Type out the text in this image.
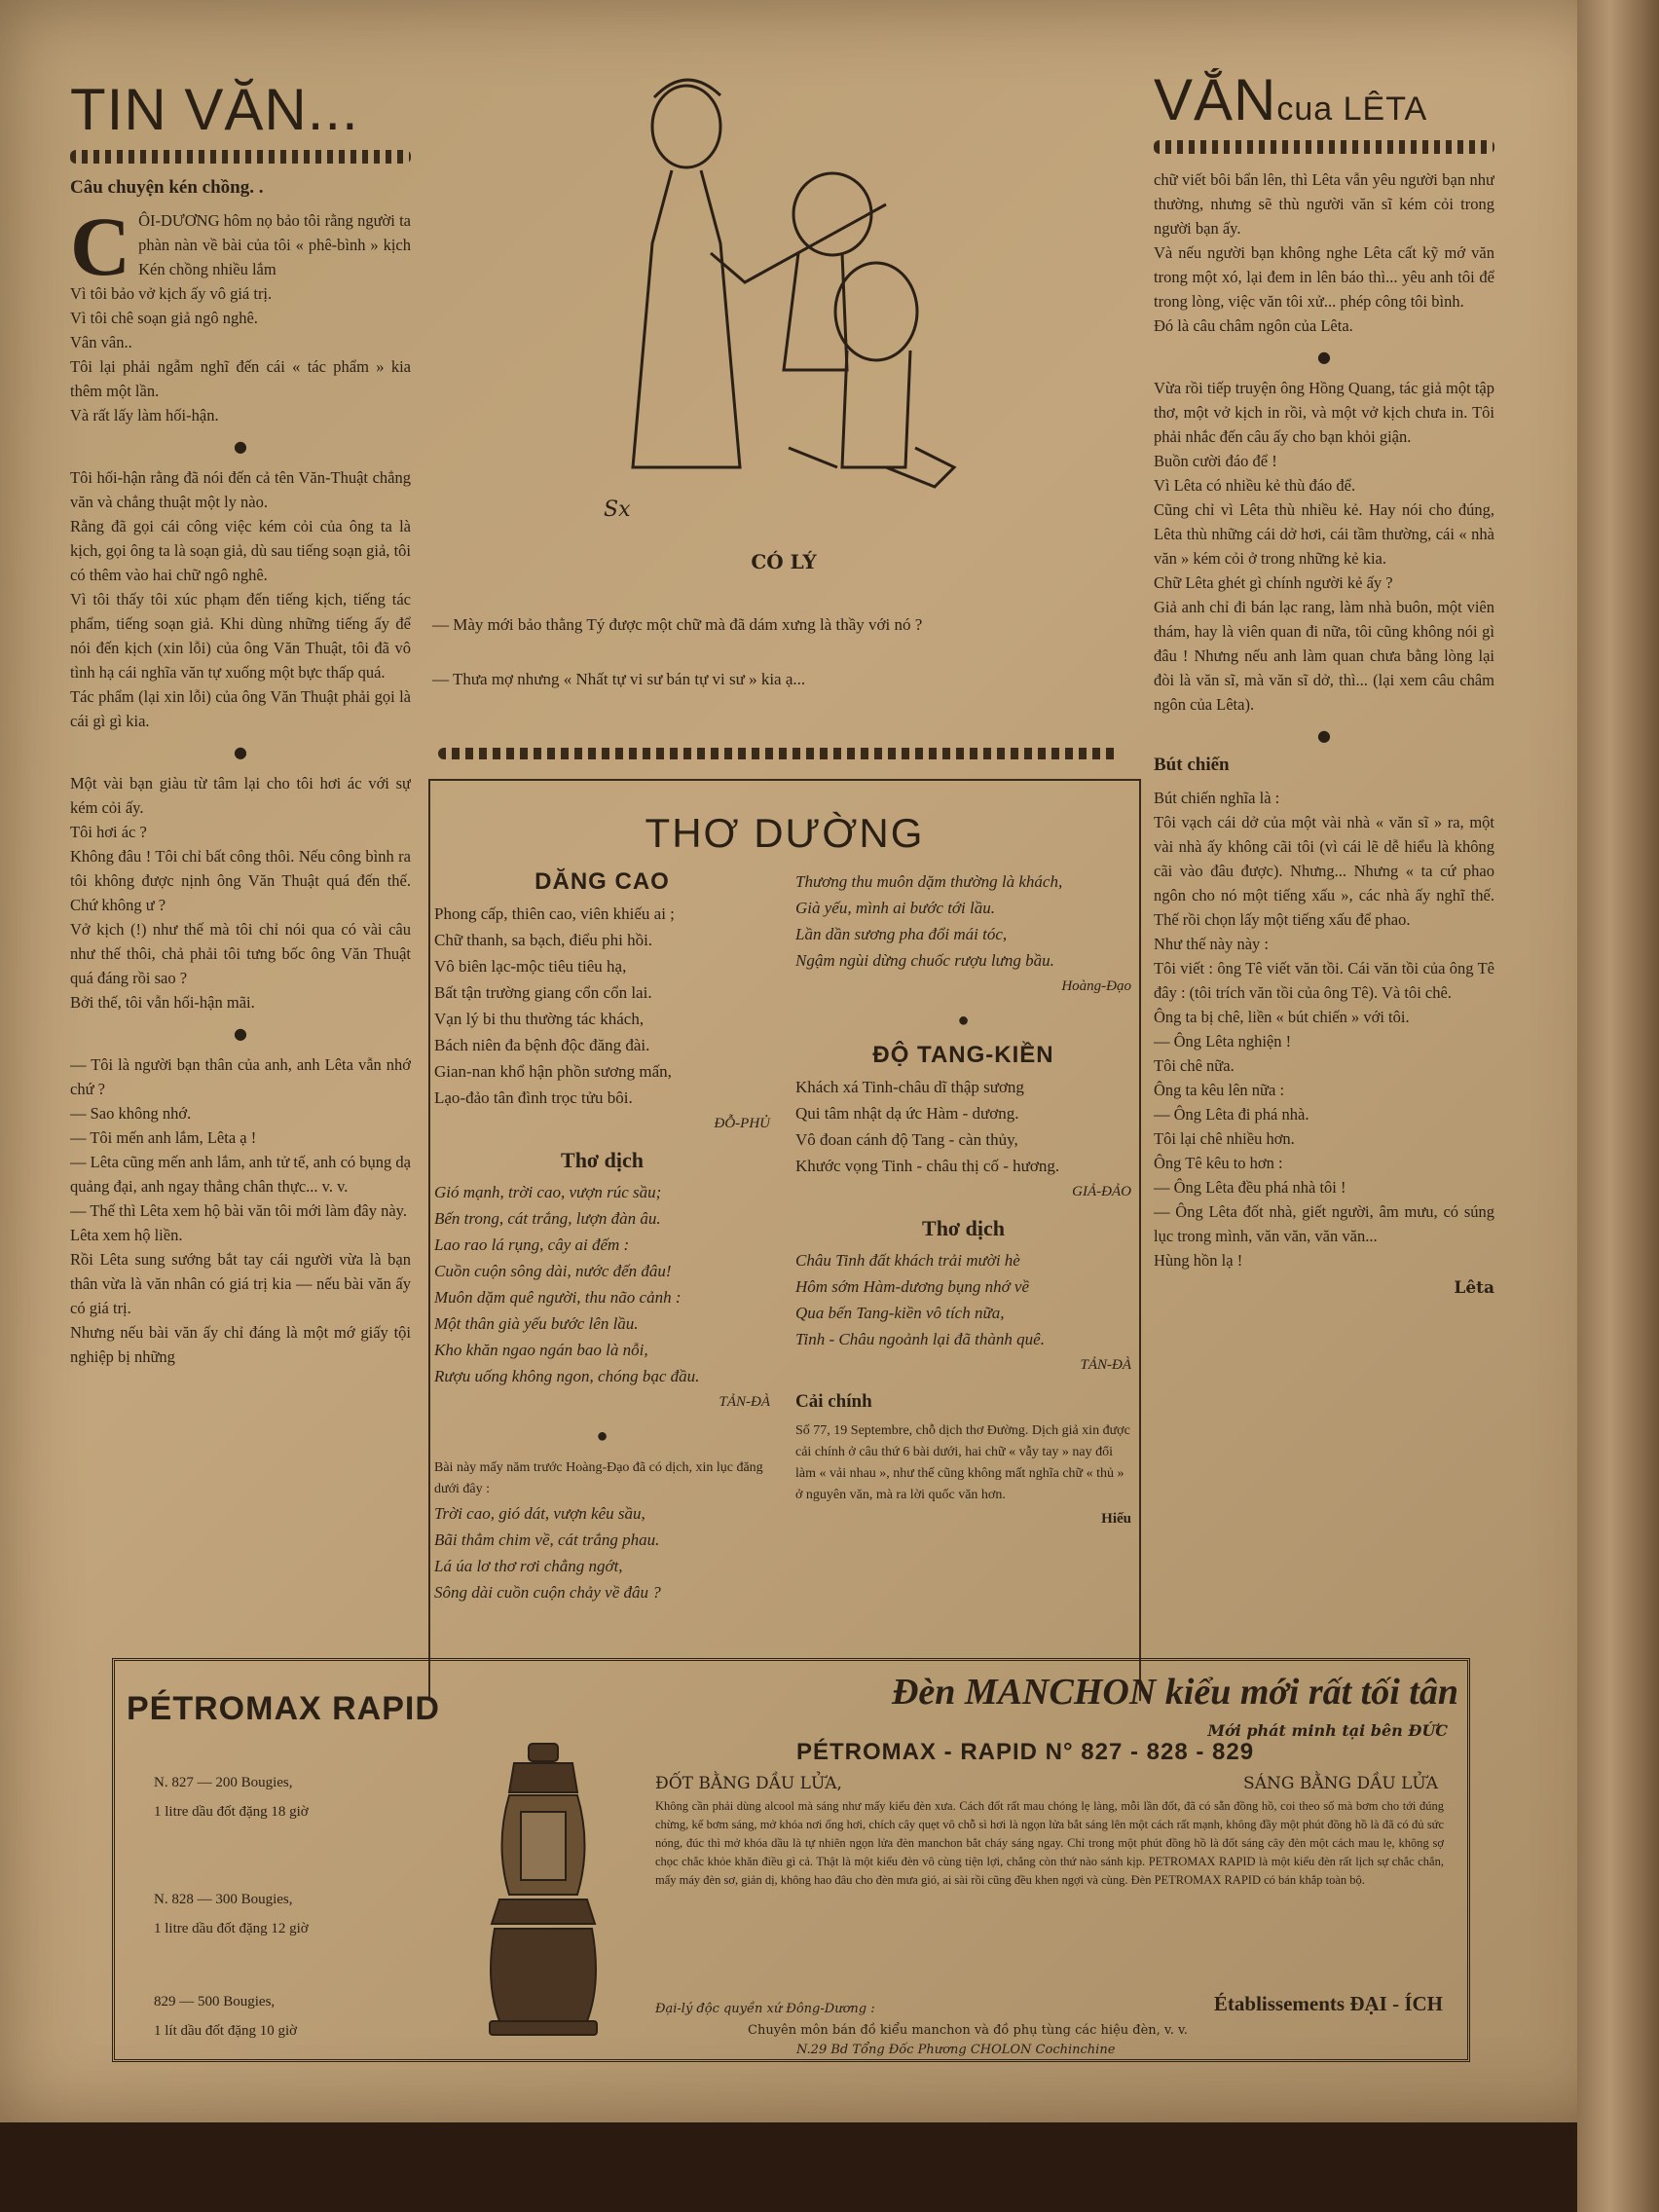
TIN VĂN...

Câu chuyện kén chồng. .

C ÔI-DƯƠNG hôm nọ bảo tôi rằng người ta phàn nàn về bài của tôi « phê-bình » kịch Kén chồng nhiều lắm
Vì tôi bảo vở kịch ấy vô giá trị.
Vì tôi chê soạn giả ngô nghê.
Vân vân..
Tôi lại phải ngẫm nghĩ đến cái « tác phẩm » kia thêm một lần.
Và rất lấy làm hối-hận.

●

Tôi hối-hận rằng đã nói đến cả tên Văn-Thuật chẳng văn và chẳng thuật một ly nào.
Rằng đã gọi cái công việc kém cỏi của ông ta là kịch, gọi ông ta là soạn giả, dù sau tiếng soạn giả, tôi có thêm vào hai chữ ngô nghê.
Vì tôi thấy tôi xúc phạm đến tiếng kịch, tiếng tác phẩm, tiếng soạn giả. Khi dùng những tiếng ấy để nói đến kịch (xin lỗi) của ông Văn Thuật, tôi đã vô tình hạ cái nghĩa văn tự xuống một bực thấp quá.
Tác phẩm (lại xin lỗi) của ông Văn Thuật phải gọi là cái gì gì kia.

●

Một vài bạn giàu từ tâm lại cho tôi hơi ác với sự kém cỏi ấy.
Tôi hơi ác ?
Không đâu ! Tôi chỉ bất công thôi. Nếu công bình ra tôi không được nịnh ông Văn Thuật quá đến thế. Chứ không ư ?
Vở kịch (!) như thế mà tôi chỉ nói qua có vài câu như thế thôi, chả phải tôi tưng bốc ông Văn Thuật quá đáng rồi sao ?
Bởi thế, tôi vẫn hối-hận mãi.

●

— Tôi là người bạn thân của anh, anh Lêta vẫn nhớ chứ ?
— Sao không nhớ.
— Tôi mến anh lắm, Lêta ạ !
— Lêta cũng mến anh lắm, anh tử tế, anh có bụng dạ quảng đại, anh ngay thẳng chân thực... v. v.
— Thế thì Lêta xem hộ bài văn tôi mới làm đây này.
Lêta xem hộ liền.
Rồi Lêta sung sướng bắt tay cái người vừa là bạn thân vừa là văn nhân có giá trị kia — nếu bài văn ấy có giá trị.
Nhưng nếu bài văn ấy chỉ đáng là một mớ giấy tội nghiệp bị những

Sx
CÓ LÝ

— Mày mới bảo thằng Tý được một chữ mà đã dám xưng là thầy với nó ?

— Thưa mợ nhưng « Nhất tự vi sư bán tự vi sư » kia ạ...

THƠ DƯỜNG
DĂNG CAO

Phong cấp, thiên cao, viên khiếu ai ;
Chữ thanh, sa bạch, điểu phi hồi.
Vô biên lạc-mộc tiêu tiêu hạ,
Bất tận trường giang cổn cổn lai.
Vạn lý bi thu thường tác khách,
Bách niên đa bệnh độc đăng đài.
Gian-nan khổ hận phồn sương mấn,
Lạo-đảo tân đình trọc tửu bôi.

ĐỖ-PHỦ
Thơ dịch

Gió mạnh, trời cao, vượn rúc sầu;
Bến trong, cát trắng, lượn đàn âu.
Lao rao lá rụng, cây ai đếm :
Cuồn cuộn sông dài, nước đến đâu!
Muôn dặm quê người, thu não cảnh :
Một thân già yếu bước lên lầu.
Kho khăn ngao ngán bao là nỗi,
Rượu uống không ngon, chóng bạc đầu.

TẢN-ĐÀ
●
Bài này mấy năm trước Hoàng-Đạo đã có dịch, xin lục đăng dưới đây :

Trời cao, gió dát, vượn kêu sầu,
Bãi thẳm chim về, cát trắng phau.
Lá úa lơ thơ rơi chẳng ngớt,
Sông dài cuồn cuộn chảy về đâu ?

Thương thu muôn dặm thường là khách,
Già yếu, mình ai bước tới lầu.
Lần dần sương pha đổi mái tóc,
Ngậm ngùi dừng chuốc rượu lưng bầu.

Hoàng-Đạo
●
ĐỘ TANG-KIỀN

Khách xá Tinh-châu dĩ thập sương
Qui tâm nhật dạ ức Hàm - dương.
Vô đoan cánh độ Tang - càn thủy,
Khước vọng Tinh - châu thị cố - hương.

GIẢ-ĐẢO
Thơ dịch

Châu Tinh đất khách trải mười hè
Hôm sớm Hàm-dương bụng nhớ về
Qua bến Tang-kiền vô tích nữa,
Tinh - Châu ngoảnh lại đã thành quê.

TẢN-ĐÀ
Cải chính
Số 77, 19 Septembre, chỗ dịch thơ Đường. Dịch giả xin được cải chính ở câu thứ 6 bài dưới, hai chữ « vẫy tay » nay đổi làm « vải nhau », như thế cũng không mất nghĩa chữ « thủ » ở nguyên văn, mà ra lời quốc văn hơn.
Hiếu
VẮNcua LÊTA

chữ viết bôi bẩn lên, thì Lêta vẫn yêu người bạn như thường, nhưng sẽ thù người văn sĩ kém cỏi trong người bạn ấy.
Và nếu người bạn không nghe Lêta cất kỹ mớ văn trong một xó, lại đem in lên báo thì... yêu anh tôi để trong lòng, việc văn tôi xử... phép công tôi bình.
Đó là câu châm ngôn của Lêta.

●

Vừa rồi tiếp truyện ông Hồng Quang, tác giả một tập thơ, một vở kịch in rồi, và một vở kịch chưa in. Tôi phải nhắc đến câu ấy cho bạn khỏi giận.
Buồn cười đáo để !
Vì Lêta có nhiều kẻ thù đáo để.
Cũng chỉ vì Lêta thù nhiều kẻ. Hay nói cho đúng, Lêta thù những cái dở hơi, cái tầm thường, cái « nhà văn » kém cỏi ở trong những kẻ kia.
Chữ Lêta ghét gì chính người kẻ ấy ?
Giả anh chỉ đi bán lạc rang, làm nhà buôn, một viên thám, hay là viên quan đi nữa, tôi cũng không nói gì đâu ! Nhưng nếu anh làm quan chưa bằng lòng lại đòi là văn sĩ, mà văn sĩ dở, thì... (lại xem câu châm ngôn của Lêta).

●

Bút chiến

Bút chiến nghĩa là :
Tôi vạch cái dở của một vài nhà « văn sĩ » ra, một vài nhà ấy không cãi tôi (vì cái lẽ dễ hiểu là không cãi vào đâu được). Nhưng... Nhưng « ta cứ phao ngôn cho nó một tiếng xấu », các nhà ấy nghĩ thế. Thế rồi chọn lấy một tiếng xấu để phao.
Như thế này này :
Tôi viết : ông Tê viết văn tồi. Cái văn tồi của ông Tê đây : (tôi trích văn tồi của ông Tê). Và tôi chê.
Ông ta bị chê, liền « bút chiến » với tôi.
— Ông Lêta nghiện !
Tôi chê nữa.
Ông ta kêu lên nữa :
— Ông Lêta đi phá nhà.
Tôi lại chê nhiều hơn.
Ông Tê kêu to hơn :
— Ông Lêta đều phá nhà tôi !
— Ông Lêta đốt nhà, giết người, âm mưu, có súng lục trong mình, văn văn, văn văn...
Hùng hồn lạ !

Lêta
PÉTROMAX RAPID
N. 827 — 200 Bougies,
1 litre dầu đốt đặng 18 giờ
N. 828 — 300 Bougies,
1 litre dầu đốt đặng 12 giờ
829 — 500 Bougies,
1 lít dầu đốt đặng 10 giờ
Đèn MANCHON kiểu mới rất tối tân
Mới phát minh tại bên ĐỨC
PÉTROMAX - RAPID N° 827 - 828 - 829
ĐỐT BẰNG DẦU LỬA,	SÁNG BẰNG DẦU LỬA
Không cần phải dùng alcool mà sáng như mấy kiểu đèn xưa. Cách đốt rất mau chóng lẹ làng, mỗi lần đốt, đã có sẵn đồng hồ, coi theo số mà bơm cho tới đúng chừng, kế bơm sáng, mở khóa nơi ống hơi, chích cây quẹt vô chỗ sì hơi là ngọn lửa bắt sáng lên một cách rất mạnh, không đầy một phút đồng hồ là đã có đủ sức nóng, đúc thì mở khóa dầu là tự nhiên ngọn lửa đèn manchon bắt cháy sáng ngay. Chỉ trong một phút đồng hồ là đốt sáng cây đèn một cách mau lẹ, không sợ chọc chắc khỏe khăn điều gì cả. Thật là một kiểu đèn vô cùng tiện lợi, chẳng còn thứ nào sánh kịp. PETROMAX RAPID là một kiểu đèn rất lịch sự chắc chắn, mấy máy đèn sơ, giản dị, không hao đâu cho đèn mưa gió, ai sài rồi cũng đều khen ngợi và cùng. Đèn PETROMAX RAPID có bán khắp toàn bộ.
Đại-lý độc quyền xứ Đông-Dương :	Établissements ĐẠI - ÍCH
Chuyên môn bán đồ kiểu manchon và đồ phụ tùng các hiệu đèn, v. v.
N.29 Bd Tổng Đốc Phương CHOLON Cochinchine
